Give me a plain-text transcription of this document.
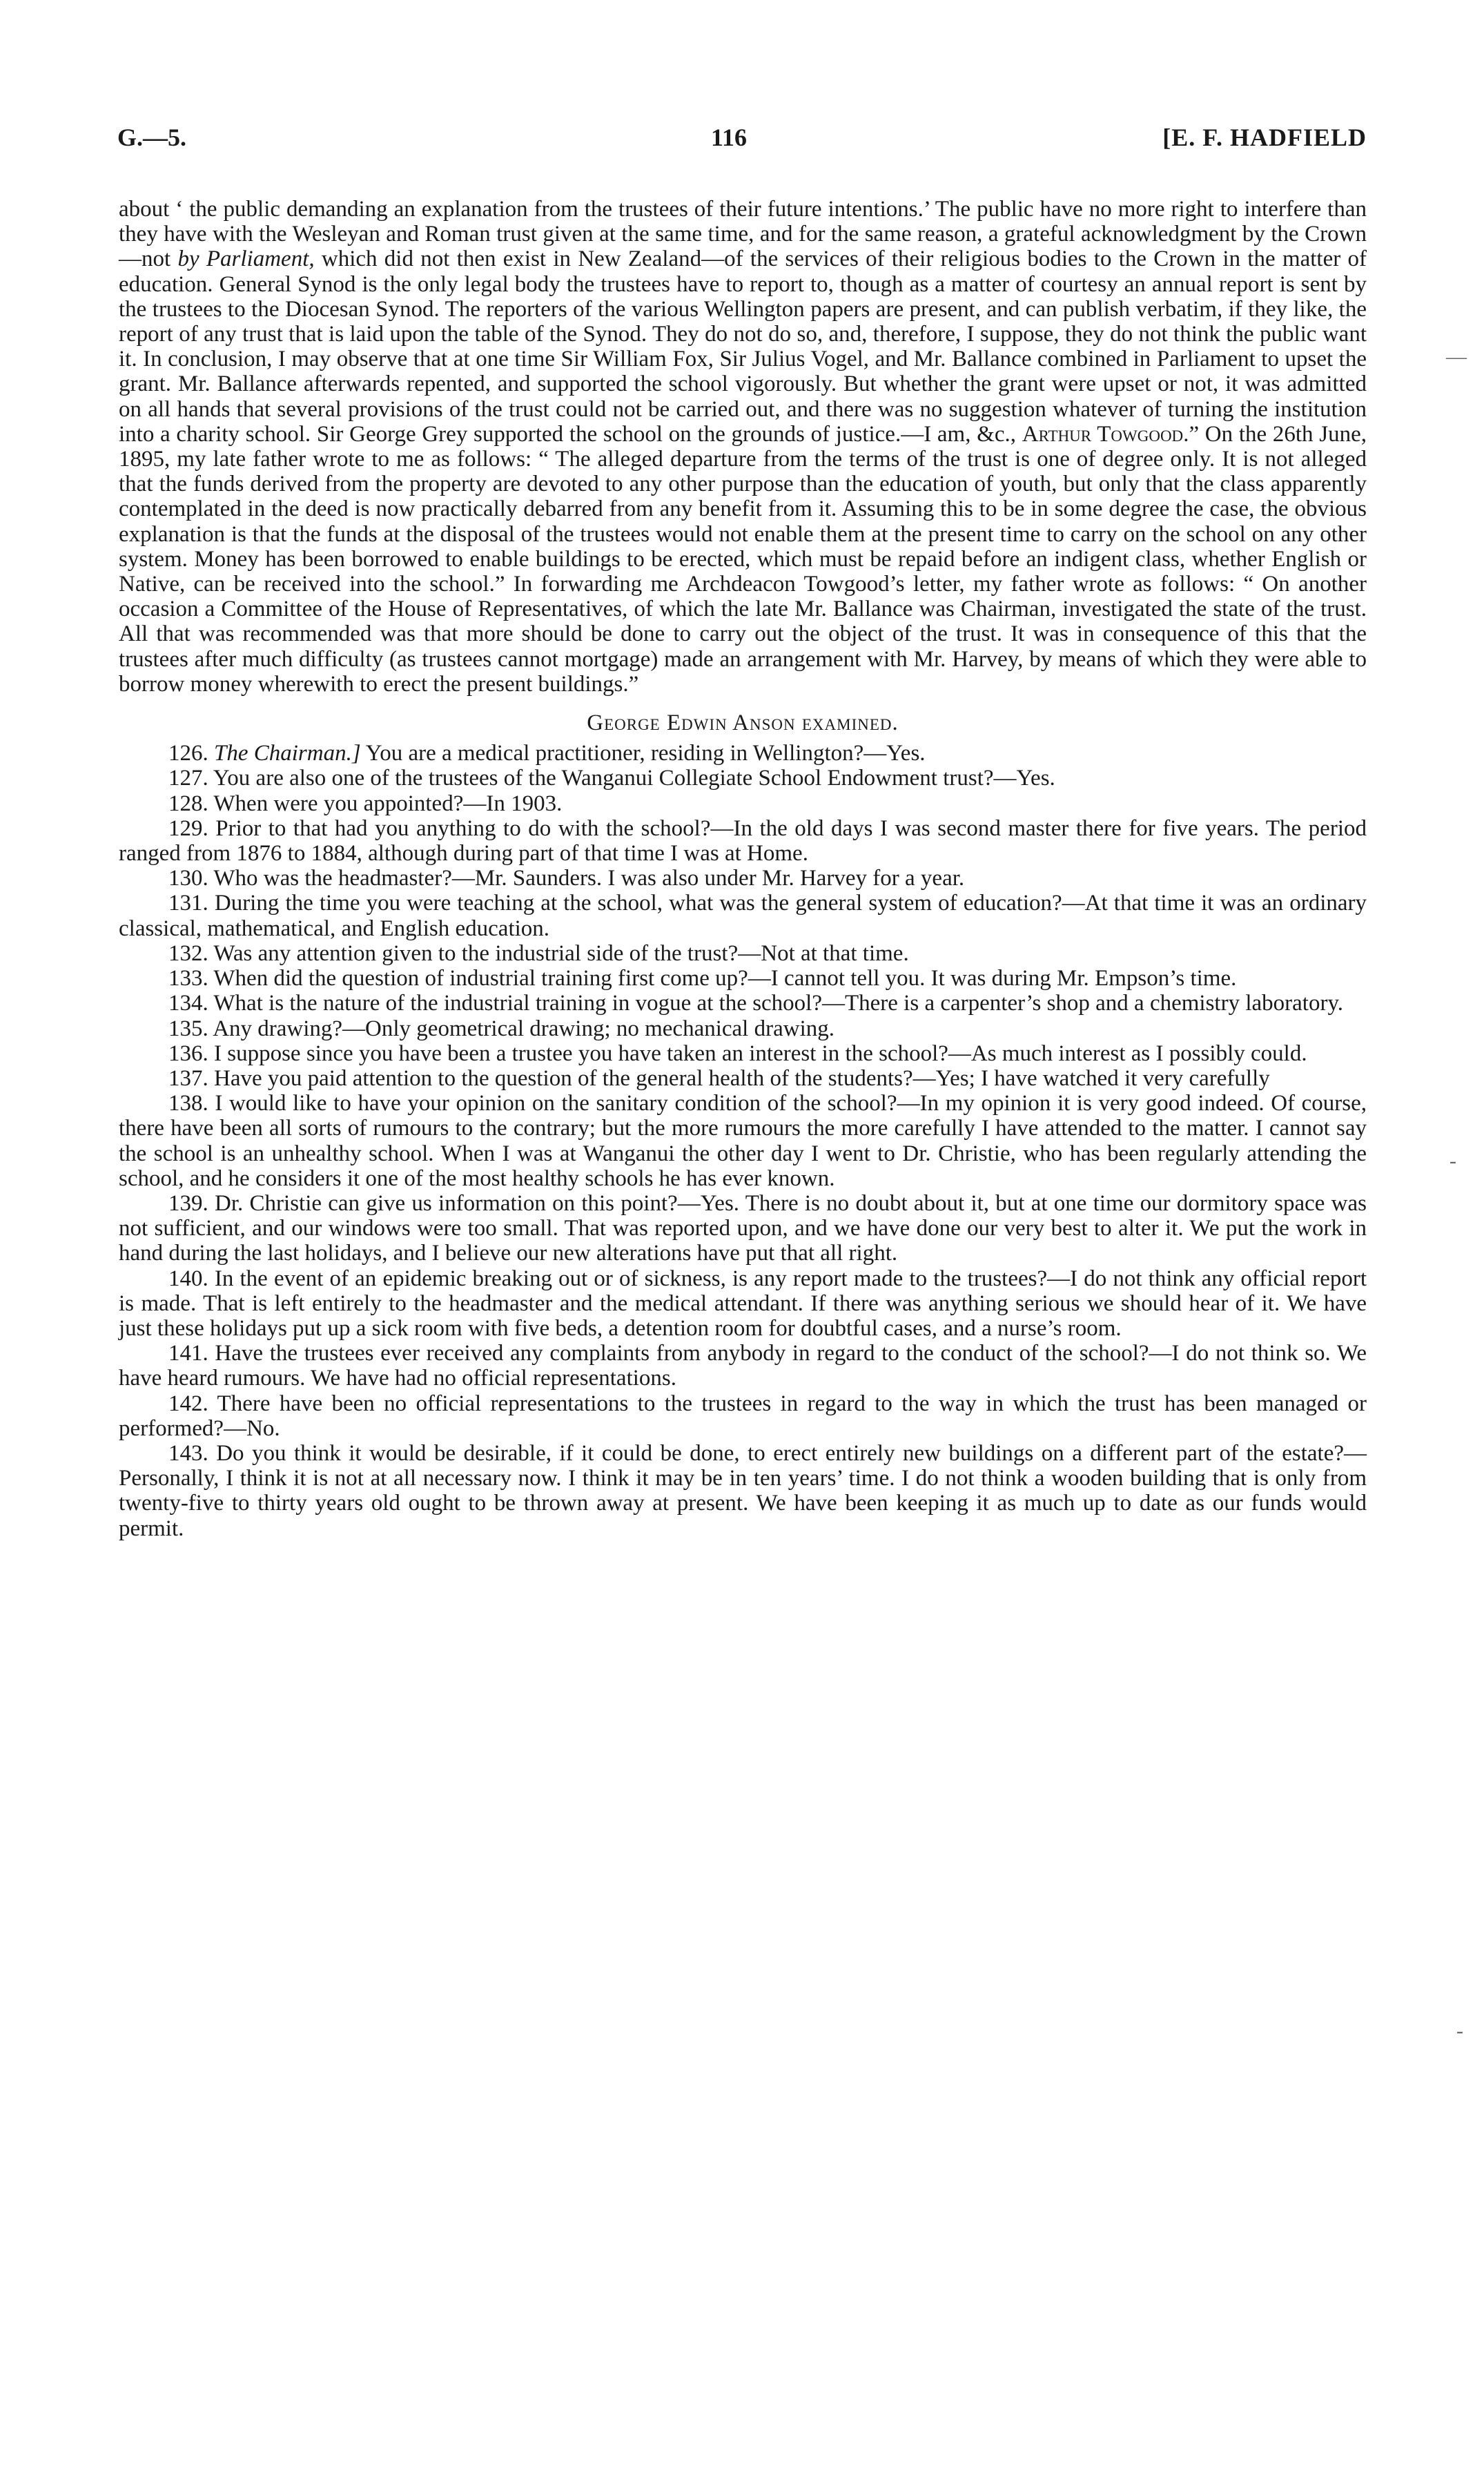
G.—5.	116	[E. F. HADFIELD

about ‘ the public demanding an explanation from the trustees of their future intentions.’ The public have no more right to interfere than they have with the Wesleyan and Roman trust given at the same time, and for the same reason, a grateful acknowledgment by the Crown—not by Parliament, which did not then exist in New Zealand—of the services of their religious bodies to the Crown in the matter of education. General Synod is the only legal body the trustees have to report to, though as a matter of courtesy an annual report is sent by the trustees to the Diocesan Synod. The reporters of the various Wellington papers are present, and can publish verbatim, if they like, the report of any trust that is laid upon the table of the Synod. They do not do so, and, therefore, I suppose, they do not think the public want it. In conclusion, I may observe that at one time Sir William Fox, Sir Julius Vogel, and Mr. Ballance combined in Parliament to upset the grant. Mr. Ballance afterwards repented, and supported the school vigorously. But whether the grant were upset or not, it was admitted on all hands that several provisions of the trust could not be carried out, and there was no suggestion whatever of turning the institution into a charity school. Sir George Grey supported the school on the grounds of justice.—I am, &c., Arthur Towgood.” On the 26th June, 1895, my late father wrote to me as follows: “ The alleged departure from the terms of the trust is one of degree only. It is not alleged that the funds derived from the property are devoted to any other purpose than the education of youth, but only that the class apparently contemplated in the deed is now practically debarred from any benefit from it. Assuming this to be in some degree the case, the obvious explanation is that the funds at the disposal of the trustees would not enable them at the present time to carry on the school on any other system. Money has been borrowed to enable buildings to be erected, which must be repaid before an indigent class, whether English or Native, can be received into the school.” In forwarding me Archdeacon Towgood’s letter, my father wrote as follows: “ On another occasion a Committee of the House of Representatives, of which the late Mr. Ballance was Chairman, investigated the state of the trust. All that was recommended was that more should be done to carry out the object of the trust. It was in consequence of this that the trustees after much difficulty (as trustees cannot mortgage) made an arrangement with Mr. Harvey, by means of which they were able to borrow money wherewith to erect the present buildings.”

George Edwin Anson examined.

126. The Chairman.] You are a medical practitioner, residing in Wellington?—Yes.

127. You are also one of the trustees of the Wanganui Collegiate School Endowment trust?—Yes.

128. When were you appointed?—In 1903.

129. Prior to that had you anything to do with the school?—In the old days I was second master there for five years. The period ranged from 1876 to 1884, although during part of that time I was at Home.

130. Who was the headmaster?—Mr. Saunders. I was also under Mr. Harvey for a year.

131. During the time you were teaching at the school, what was the general system of education?—At that time it was an ordinary classical, mathematical, and English education.

132. Was any attention given to the industrial side of the trust?—Not at that time.

133. When did the question of industrial training first come up?—I cannot tell you. It was during Mr. Empson’s time.

134. What is the nature of the industrial training in vogue at the school?—There is a carpenter’s shop and a chemistry laboratory.

135. Any drawing?—Only geometrical drawing; no mechanical drawing.

136. I suppose since you have been a trustee you have taken an interest in the school?—As much interest as I possibly could.

137. Have you paid attention to the question of the general health of the students?—Yes; I have watched it very carefully

138. I would like to have your opinion on the sanitary condition of the school?—In my opinion it is very good indeed. Of course, there have been all sorts of rumours to the contrary; but the more rumours the more carefully I have attended to the matter. I cannot say the school is an unhealthy school. When I was at Wanganui the other day I went to Dr. Christie, who has been regularly attending the school, and he considers it one of the most healthy schools he has ever known.

139. Dr. Christie can give us information on this point?—Yes. There is no doubt about it, but at one time our dormitory space was not sufficient, and our windows were too small. That was reported upon, and we have done our very best to alter it. We put the work in hand during the last holidays, and I believe our new alterations have put that all right.

140. In the event of an epidemic breaking out or of sickness, is any report made to the trustees?—I do not think any official report is made. That is left entirely to the headmaster and the medical attendant. If there was anything serious we should hear of it. We have just these holidays put up a sick room with five beds, a detention room for doubtful cases, and a nurse’s room.

141. Have the trustees ever received any complaints from anybody in regard to the conduct of the school?—I do not think so. We have heard rumours. We have had no official representations.

142. There have been no official representations to the trustees in regard to the way in which the trust has been managed or performed?—No.

143. Do you think it would be desirable, if it could be done, to erect entirely new buildings on a different part of the estate?—Personally, I think it is not at all necessary now. I think it may be in ten years’ time. I do not think a wooden building that is only from twenty-five to thirty years old ought to be thrown away at present. We have been keeping it as much up to date as our funds would permit.

—
-
-
